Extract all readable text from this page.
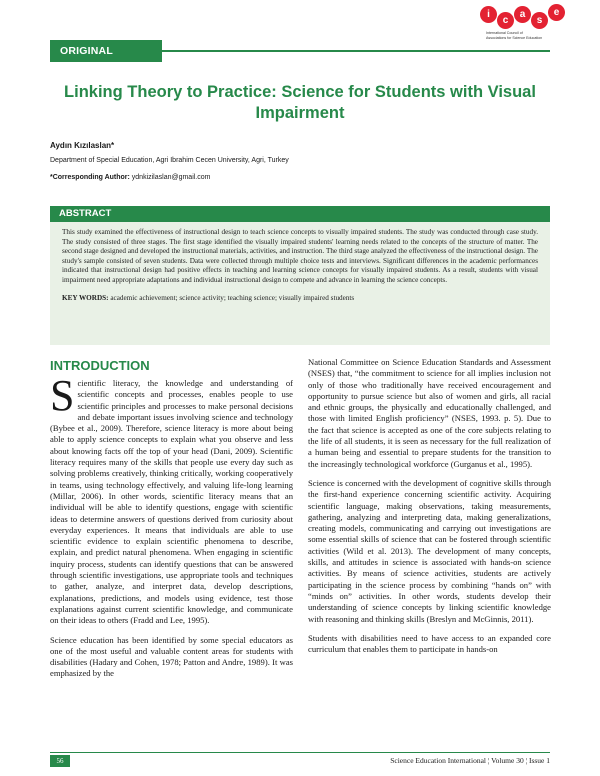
i
c
a
s
e
International Council of
Associations for Science Education
ORIGINAL ARTICLE
Linking Theory to Practice: Science for Students with Visual Impairment
Aydın Kızılaslan*
Department of Special Education, Agri Ibrahim Cecen University, Agri, Turkey
*Corresponding Author: ydnkizilaslan@gmail.com
ABSTRACT

This study examined the effectiveness of instructional design to teach science concepts to visually impaired students. The study was conducted through case study. The study consisted of three stages. The first stage identified the visually impaired students' learning needs related to the concepts of the structure of matter. The second stage designed and developed the instructional materials, activities, and instruction. The third stage analyzed the effectiveness of the instructional design. The study's sample consisted of seven students. Data were collected through multiple choice tests and interviews. Significant differences in the academic performances indicated that instructional design had positive effects in teaching and learning science concepts for visually impaired students. As a result, students with visual impairment need appropriate adaptations and individual instructional design to compete and advance in learning the science concepts.

KEY WORDS: academic achievement; science activity; teaching science; visually impaired students

INTRODUCTION

Scientific literacy, the knowledge and understanding of scientific concepts and processes, enables people to use scientific principles and processes to make personal decisions and debate important issues involving science and technology (Bybee et al., 2009). Therefore, science literacy is more about being able to apply science concepts to explain what you observe and less about knowing facts off the top of your head (Dani, 2009). Scientific literacy requires many of the skills that people use every day such as solving problems creatively, thinking critically, working cooperatively in teams, using technology effectively, and valuing life-long learning (Millar, 2006). In other words, scientific literacy means that an individual will be able to identify questions, engage with scientific ideas to determine answers of questions derived from curiosity about everyday experiences. It means that individuals are able to use scientific evidence to explain scientific phenomena to describe, explain, and predict natural phenomena. When engaging in scientific inquiry process, students can identify questions that can be answered through scientific investigations, use appropriate tools and techniques to gather, analyze, and interpret data, develop descriptions, explanations, predictions, and models using evidence, test those explanations against current scientific knowledge, and communicate on their ideas to others (Fradd and Lee, 1995).

Science education has been identified by some special educators as one of the most useful and valuable content areas for students with disabilities (Hadary and Cohen, 1978; Patton and Andre, 1989). It was emphasized by the

National Committee on Science Education Standards and Assessment (NSES) that, “the commitment to science for all implies inclusion not only of those who traditionally have received encouragement and opportunity to pursue science but also of women and girls, all racial and ethnic groups, the physically and educationally challenged, and those with limited English proficiency” (NSES, 1993. p. 5). Due to the fact that science is accepted as one of the core subjects relating to the life of all students, it is seen as necessary for the full realization of a human being and essential to prepare students for the transition to the increasingly technological workforce (Gurganus et al., 1995).

Science is concerned with the development of cognitive skills through the first-hand experience concerning scientific activity. Acquiring scientific language, making observations, taking measurements, gathering, analyzing and interpreting data, making generalizations, creating models, communicating and carrying out investigations are some essential skills of science that can be fostered through scientific activities (Wild et al. 2013). The development of many concepts, skills, and attitudes in science is associated with hands-on science activities. By means of science activities, students are actively participating in the science process by combining “hands on” with “minds on” activities. In other words, students develop their understanding of science concepts by linking scientific knowledge with reasoning and thinking skills (Breslyn and McGinnis, 2011).

Students with disabilities need to have access to an expanded core curriculum that enables them to participate in hands-on

56	Science Education International ¦ Volume 30 ¦ Issue 1
